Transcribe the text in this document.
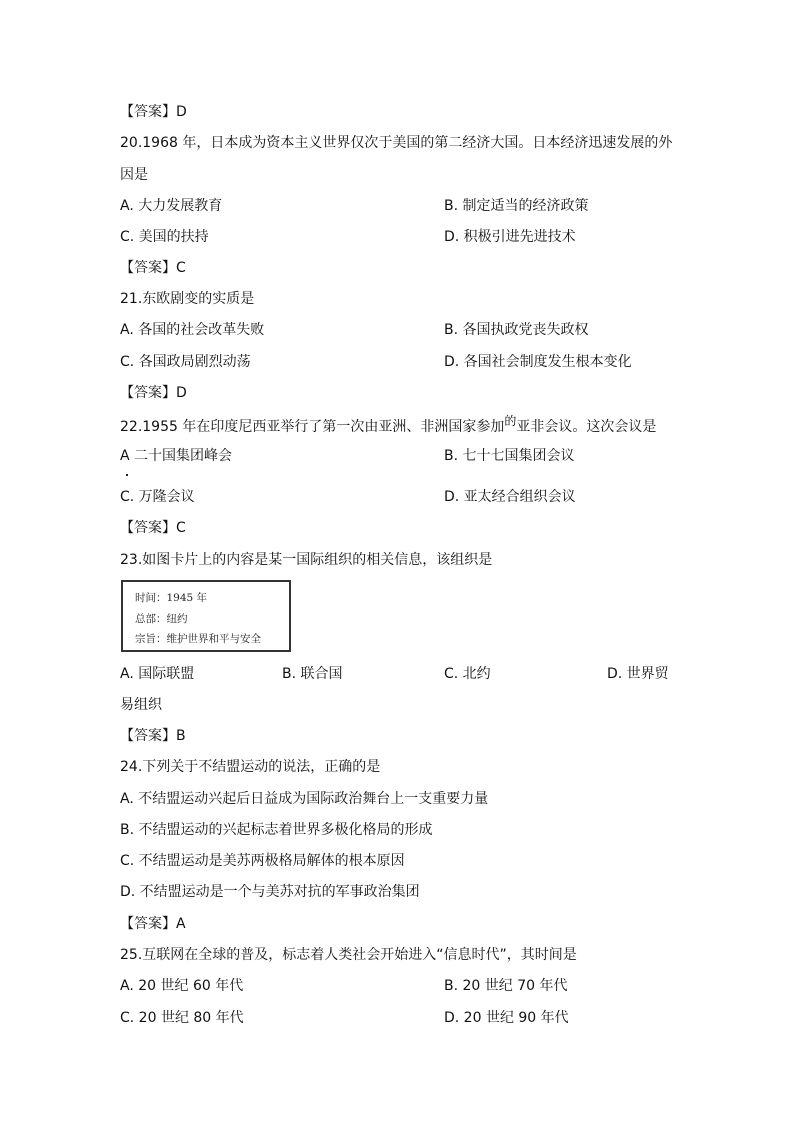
【答案】D
20.1968 年，日本成为资本主义世界仅次于美国的第二经济大国。日本经济迅速发展的外
因是
A. 大力发展教育	B. 制定适当的经济政策
C. 美国的扶持	D. 积极引进先进技术
【答案】C
21.东欧剧变的实质是
A. 各国的社会改革失败	B. 各国执政党丧失政权
C. 各国政局剧烈动荡	D. 各国社会制度发生根本变化
【答案】D
22.1955 年在印度尼西亚举行了第一次由亚洲、非洲国家参加的亚非会议。这次会议是
A 二十国集团峰会	B. 七十七国集团会议
C. 万隆会议	D. 亚太经合组织会议
【答案】C
23.如图卡片上的内容是某一国际组织的相关信息，该组织是
时间：1945 年
总部：纽约
宗旨：维护世界和平与安全
A. 国际联盟	B. 联合国	C. 北约	D. 世界贸
易组织
【答案】B
24.下列关于不结盟运动的说法，正确的是
A. 不结盟运动兴起后日益成为国际政治舞台上一支重要力量
B. 不结盟运动的兴起标志着世界多极化格局的形成
C. 不结盟运动是美苏两极格局解体的根本原因
D. 不结盟运动是一个与美苏对抗的军事政治集团
【答案】A
25.互联网在全球的普及，标志着人类社会开始进入“信息时代”，其时间是
A. 20 世纪 60 年代	B. 20 世纪 70 年代
C. 20 世纪 80 年代	D. 20 世纪 90 年代
